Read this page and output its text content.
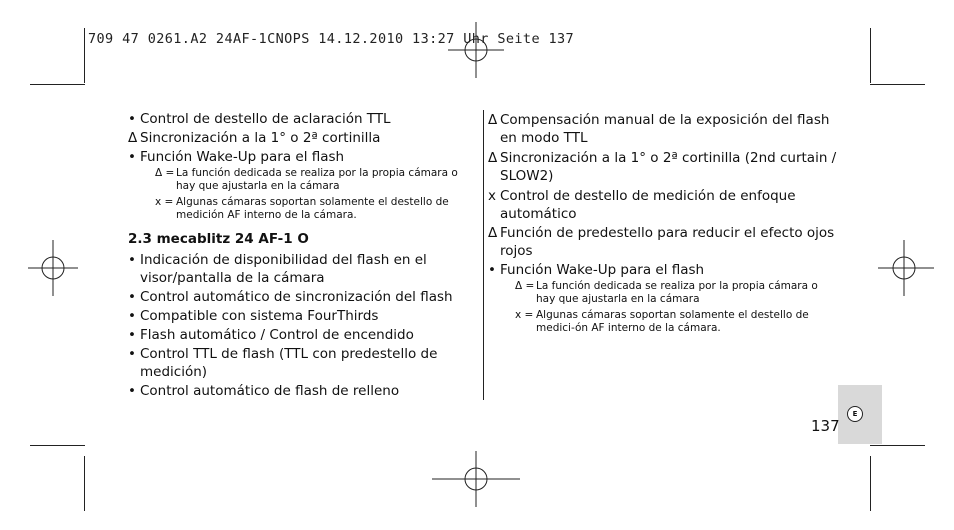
709 47 0261.A2 24AF-1CNOPS 14.12.2010 13:27 Uhr Seite 137
• Control de destello de aclaración TTL
Δ Sincronización a la 1° o 2ª cortinilla
• Función Wake-Up para el flash
Δ = La función dedicada se realiza por la propia cámara o hay que ajustarla en la cámara
x = Algunas cámaras soportan solamente el destello de medición AF interno de la cámara.
2.3 mecablitz 24 AF-1 O
• Indicación de disponibilidad del flash en el visor/pantalla de la cámara
• Control automático de sincronización del flash
• Compatible con sistema FourThirds
• Flash automático / Control de encendido
• Control TTL de flash (TTL con predestello de medición)
• Control automático de flash de relleno
Δ Compensación manual de la exposición del flash en modo TTL
Δ Sincronización a la 1° o 2ª cortinilla (2nd curtain / SLOW2)
x Control de destello de medición de enfoque automático
Δ Función de predestello para reducir el efecto ojos rojos
• Función Wake-Up para el flash
Δ = La función dedicada se realiza por la propia cámara o hay que ajustarla en la cámara
x = Algunas cámaras soportan solamente el destello de medici-ón AF interno de la cámara.
E
137
